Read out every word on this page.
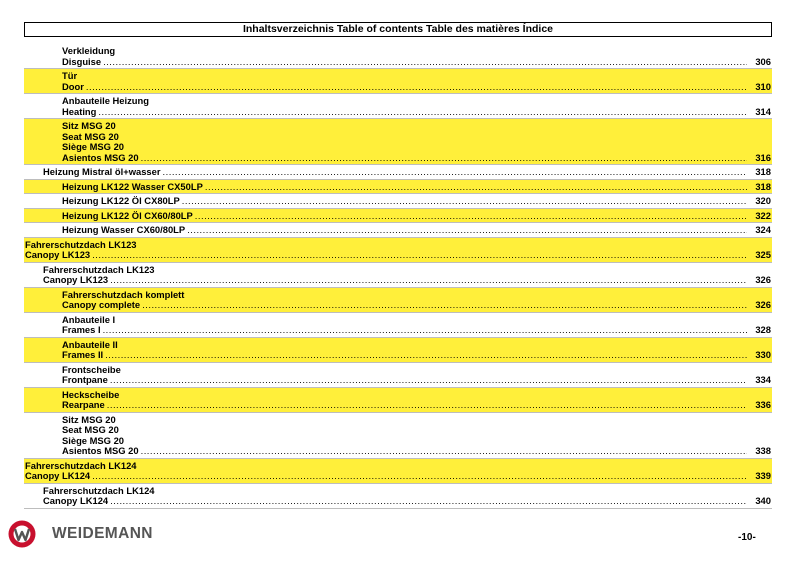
Inhaltsverzeichnis Table of contents Table des matières Índice
Verkleidung
Disguise .....	306
Tür
Door .....	310
Anbauteile Heizung
Heating .....	314
Sitz MSG 20
Seat MSG 20
Siège MSG 20
Asientos MSG 20 .....	316
Heizung Mistral öl+wasser .....	318
Heizung LK122 Wasser CX50LP .....	318
Heizung LK122 Öl CX80LP .....	320
Heizung LK122 Öl CX60/80LP .....	322
Heizung Wasser CX60/80LP .....	324
Fahrerschutzdach LK123
Canopy LK123 .....	325
Fahrerschutzdach LK123
Canopy LK123 .....	326
Fahrerschutzdach komplett
Canopy complete .....	326
Anbauteile I
Frames I .....	328
Anbauteile II
Frames II .....	330
Frontscheibe
Frontpane .....	334
Heckscheibe
Rearpane .....	336
Sitz MSG 20
Seat MSG 20
Siège MSG 20
Asientos MSG 20 .....	338
Fahrerschutzdach LK124
Canopy LK124 .....	339
Fahrerschutzdach LK124
Canopy LK124 .....	340
WEIDEMANN	-10-
